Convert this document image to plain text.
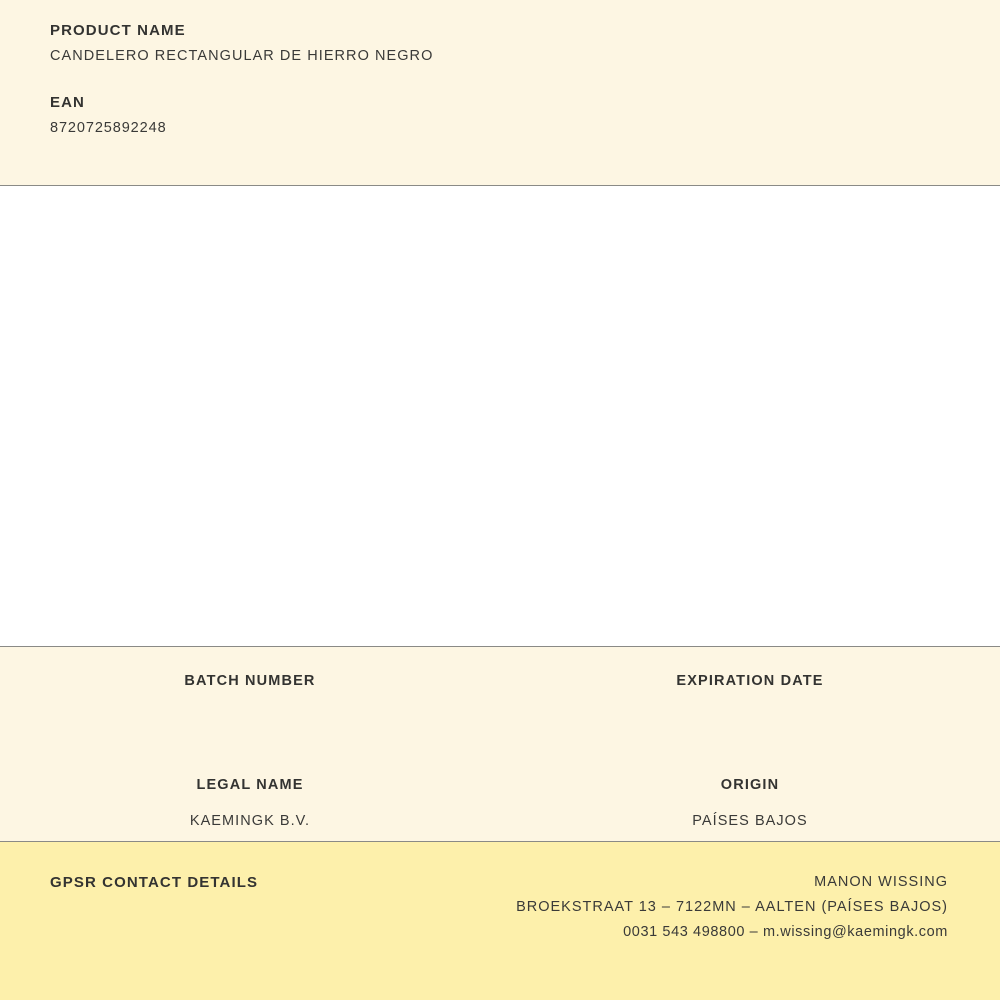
PRODUCT NAME

CANDELERO RECTANGULAR DE HIERRO NEGRO

EAN

8720725892248

BATCH NUMBER	EXPIRATION DATE

LEGAL NAME

KAEMINGK B.V.

ORIGIN

PAÍSES BAJOS

GPSR CONTACT DETAILS	MANON WISSING

BROEKSTRAAT 13 – 7122MN – AALTEN (PAÍSES BAJOS)

0031 543 498800 – m.wissing@kaemingk.com
